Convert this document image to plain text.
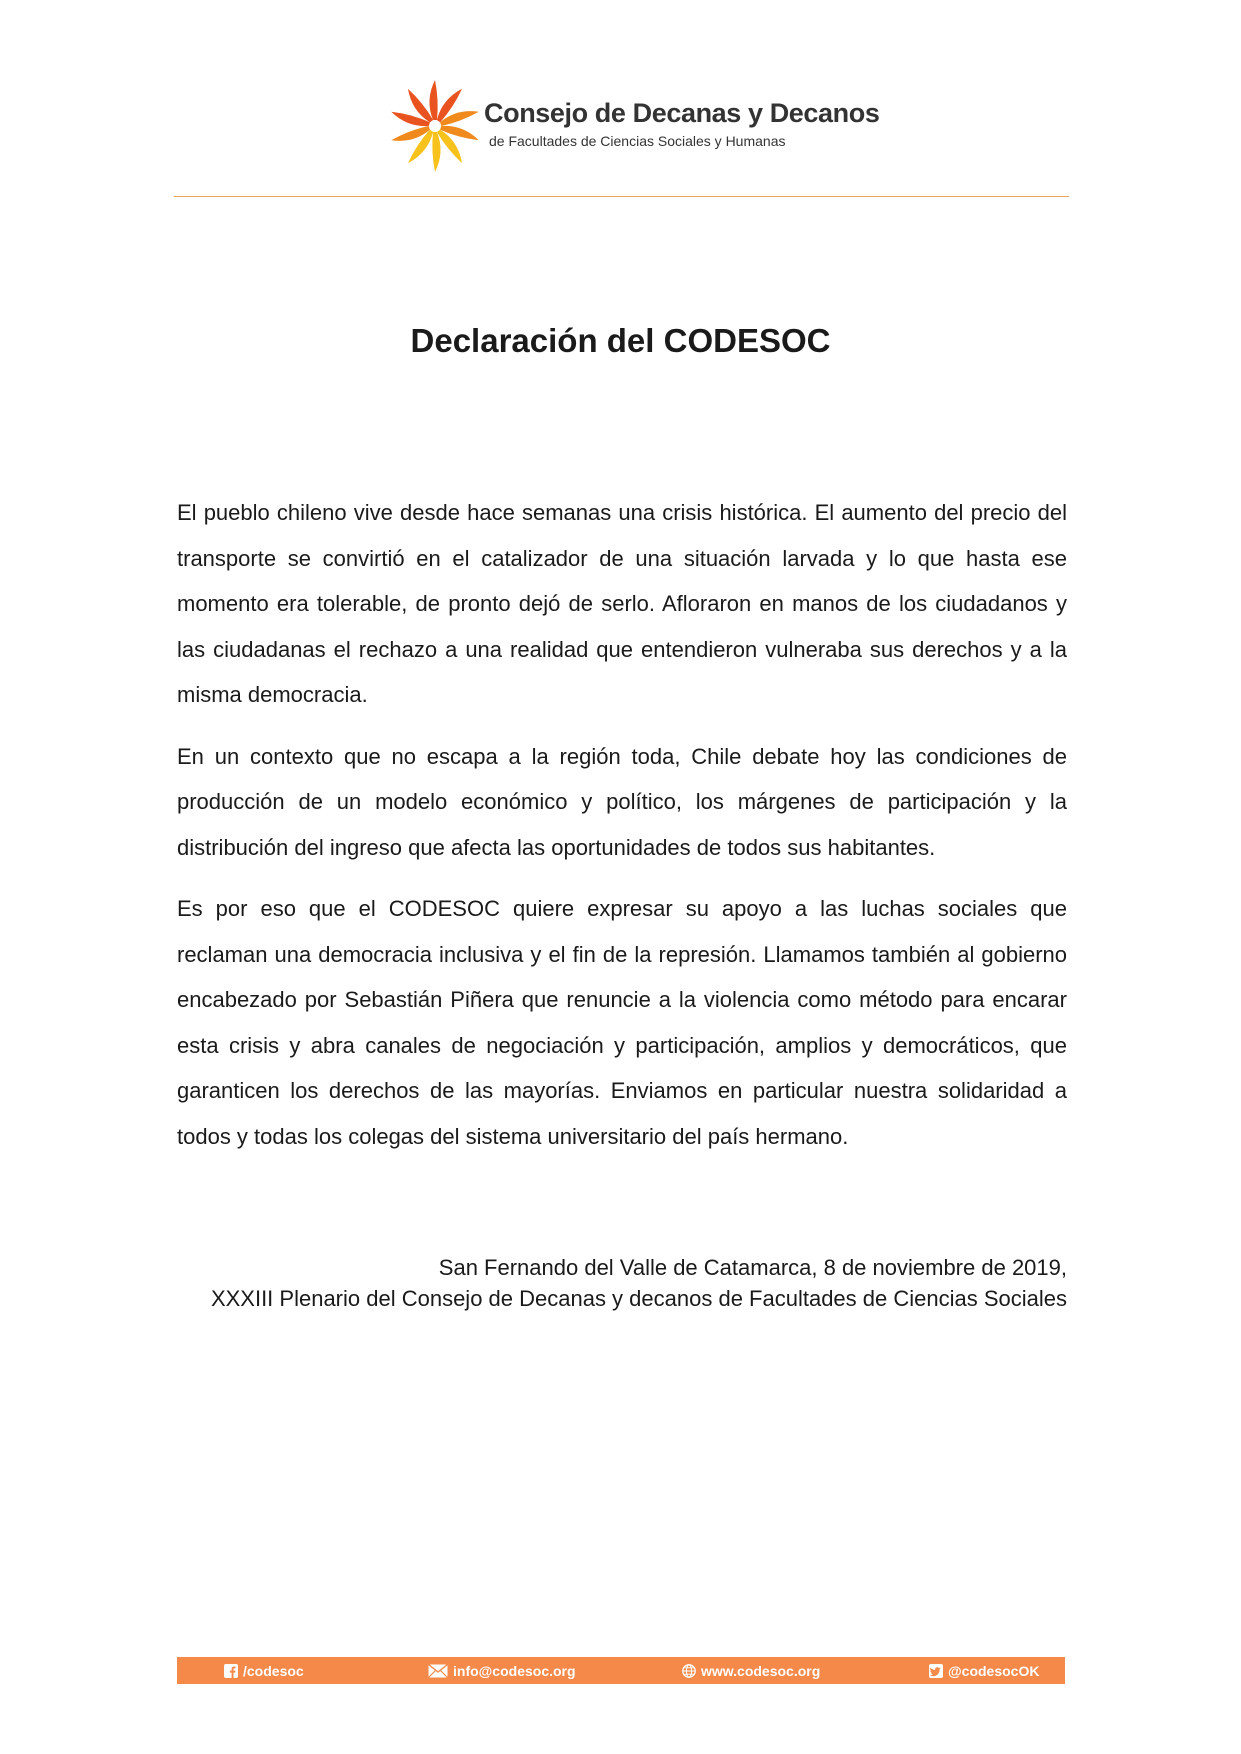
Consejo de Decanas y Decanos
de Facultades de Ciencias Sociales y Humanas
Declaración del CODESOC

El pueblo chileno vive desde hace semanas una crisis histórica. El aumento del precio del transporte se convirtió en el catalizador de una situación larvada y lo que hasta ese momento era tolerable, de pronto dejó de serlo. Afloraron en manos de los ciudadanos y las ciudadanas el rechazo a una realidad que entendieron vulneraba sus derechos y a la misma democracia.

En un contexto que no escapa a la región toda, Chile debate hoy las condiciones de producción de un modelo económico y político, los márgenes de participación y la distribución del ingreso que afecta las oportunidades de todos sus habitantes.

Es por eso que el CODESOC quiere expresar su apoyo a las luchas sociales que reclaman una democracia inclusiva y el fin de la represión. Llamamos también al gobierno encabezado por Sebastián Piñera que renuncie a la violencia como método para encarar esta crisis y abra canales de negociación y participación, amplios y democráticos, que garanticen los derechos de las mayorías. Enviamos en particular nuestra solidaridad a todos y todas los colegas del sistema universitario del país hermano.

San Fernando del Valle de Catamarca, 8 de noviembre de 2019,
XXXIII Plenario del Consejo de Decanas y decanos de Facultades de Ciencias Sociales
/codesoc	info@codesoc.org	www.codesoc.org	@codesocOK
